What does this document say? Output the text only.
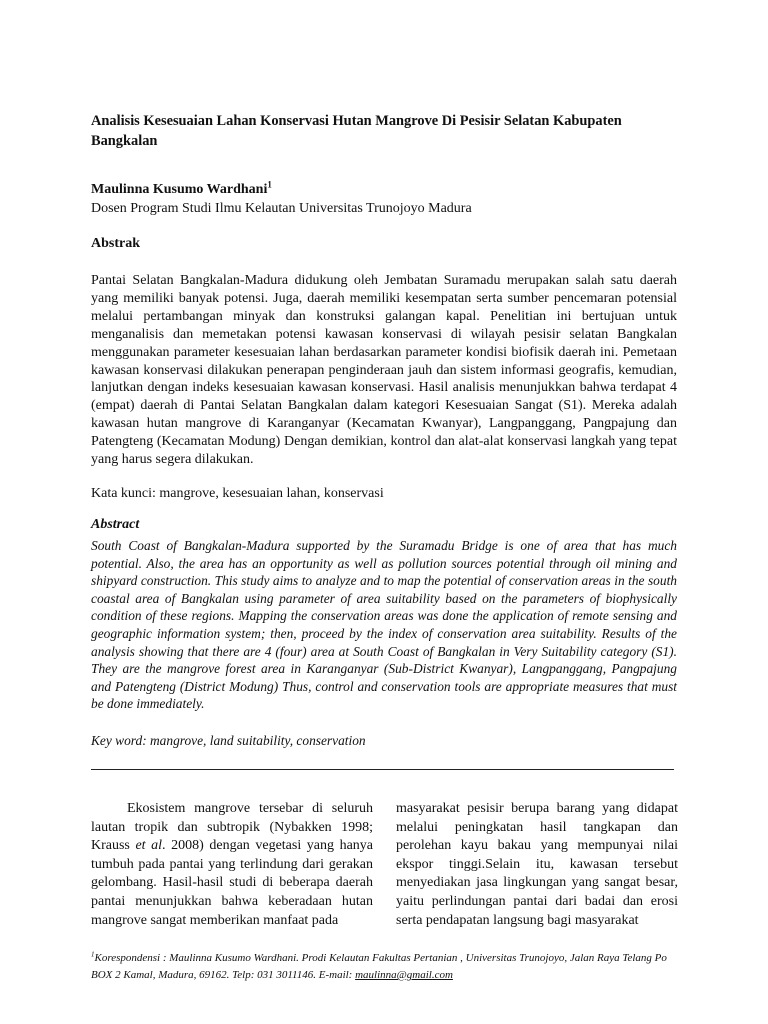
Analisis Kesesuaian Lahan Konservasi Hutan Mangrove Di Pesisir Selatan Kabupaten Bangkalan
Maulinna Kusumo Wardhani$^1$
Dosen Program Studi Ilmu Kelautan Universitas Trunojoyo Madura
Abstrak

Pantai Selatan Bangkalan-Madura didukung oleh Jembatan Suramadu merupakan salah satu daerah yang memiliki banyak potensi. Juga, daerah memiliki kesempatan serta sumber pencemaran potensial melalui pertambangan minyak dan konstruksi galangan kapal. Penelitian ini bertujuan untuk menganalisis dan memetakan potensi kawasan konservasi di wilayah pesisir selatan Bangkalan menggunakan parameter kesesuaian lahan berdasarkan parameter kondisi biofisik daerah ini. Pemetaan kawasan konservasi dilakukan penerapan penginderaan jauh dan sistem informasi geografis, kemudian, lanjutkan dengan indeks kesesuaian kawasan konservasi. Hasil analisis menunjukkan bahwa terdapat 4 (empat) daerah di Pantai Selatan Bangkalan dalam kategori Kesesuaian Sangat (S1). Mereka adalah kawasan hutan mangrove di Karanganyar (Kecamatan Kwanyar), Langpanggang, Pangpajung dan Patengteng (Kecamatan Modung) Dengan demikian, kontrol dan alat-alat konservasi langkah yang tepat yang harus segera dilakukan.

Kata kunci: mangrove, kesesuaian lahan, konservasi
Abstract

South Coast of Bangkalan-Madura supported by the Suramadu Bridge is one of area that has much potential. Also, the area has an opportunity as well as pollution sources potential through oil mining and shipyard construction. This study aims to analyze and to map the potential of conservation areas in the south coastal area of Bangkalan using parameter of area suitability based on the parameters of biophysically condition of these regions. Mapping the conservation areas was done the application of remote sensing and geographic information system; then, proceed by the index of conservation area suitability. Results of the analysis showing that there are 4 (four) area at South Coast of Bangkalan in Very Suitability category (S1). They are the mangrove forest area in Karanganyar (Sub-District Kwanyar), Langpanggang, Pangpajung and Patengteng (District Modung) Thus, control and conservation tools are appropriate measures that must be done immediately.

Key word: mangrove, land suitability, conservation

Ekosistem mangrove tersebar di seluruh lautan tropik dan subtropik (Nybakken 1998; Krauss et al. 2008) dengan vegetasi yang hanya tumbuh pada pantai yang terlindung dari gerakan gelombang. Hasil-hasil studi di beberapa daerah pantai menunjukkan bahwa keberadaan hutan mangrove sangat memberikan manfaat pada

masyarakat pesisir berupa barang yang didapat melalui peningkatan hasil tangkapan dan perolehan kayu bakau yang mempunyai nilai ekspor tinggi.Selain itu, kawasan tersebut menyediakan jasa lingkungan yang sangat besar, yaitu perlindungan pantai dari badai dan erosi serta pendapatan langsung bagi masyarakat

$^1$Korespondensi : Maulinna Kusumo Wardhani. Prodi Kelautan Fakultas Pertanian , Universitas Trunojoyo, Jalan Raya Telang Po BOX 2 Kamal, Madura, 69162. Telp: 031 3011146. E-mail: maulinna@gmail.com
